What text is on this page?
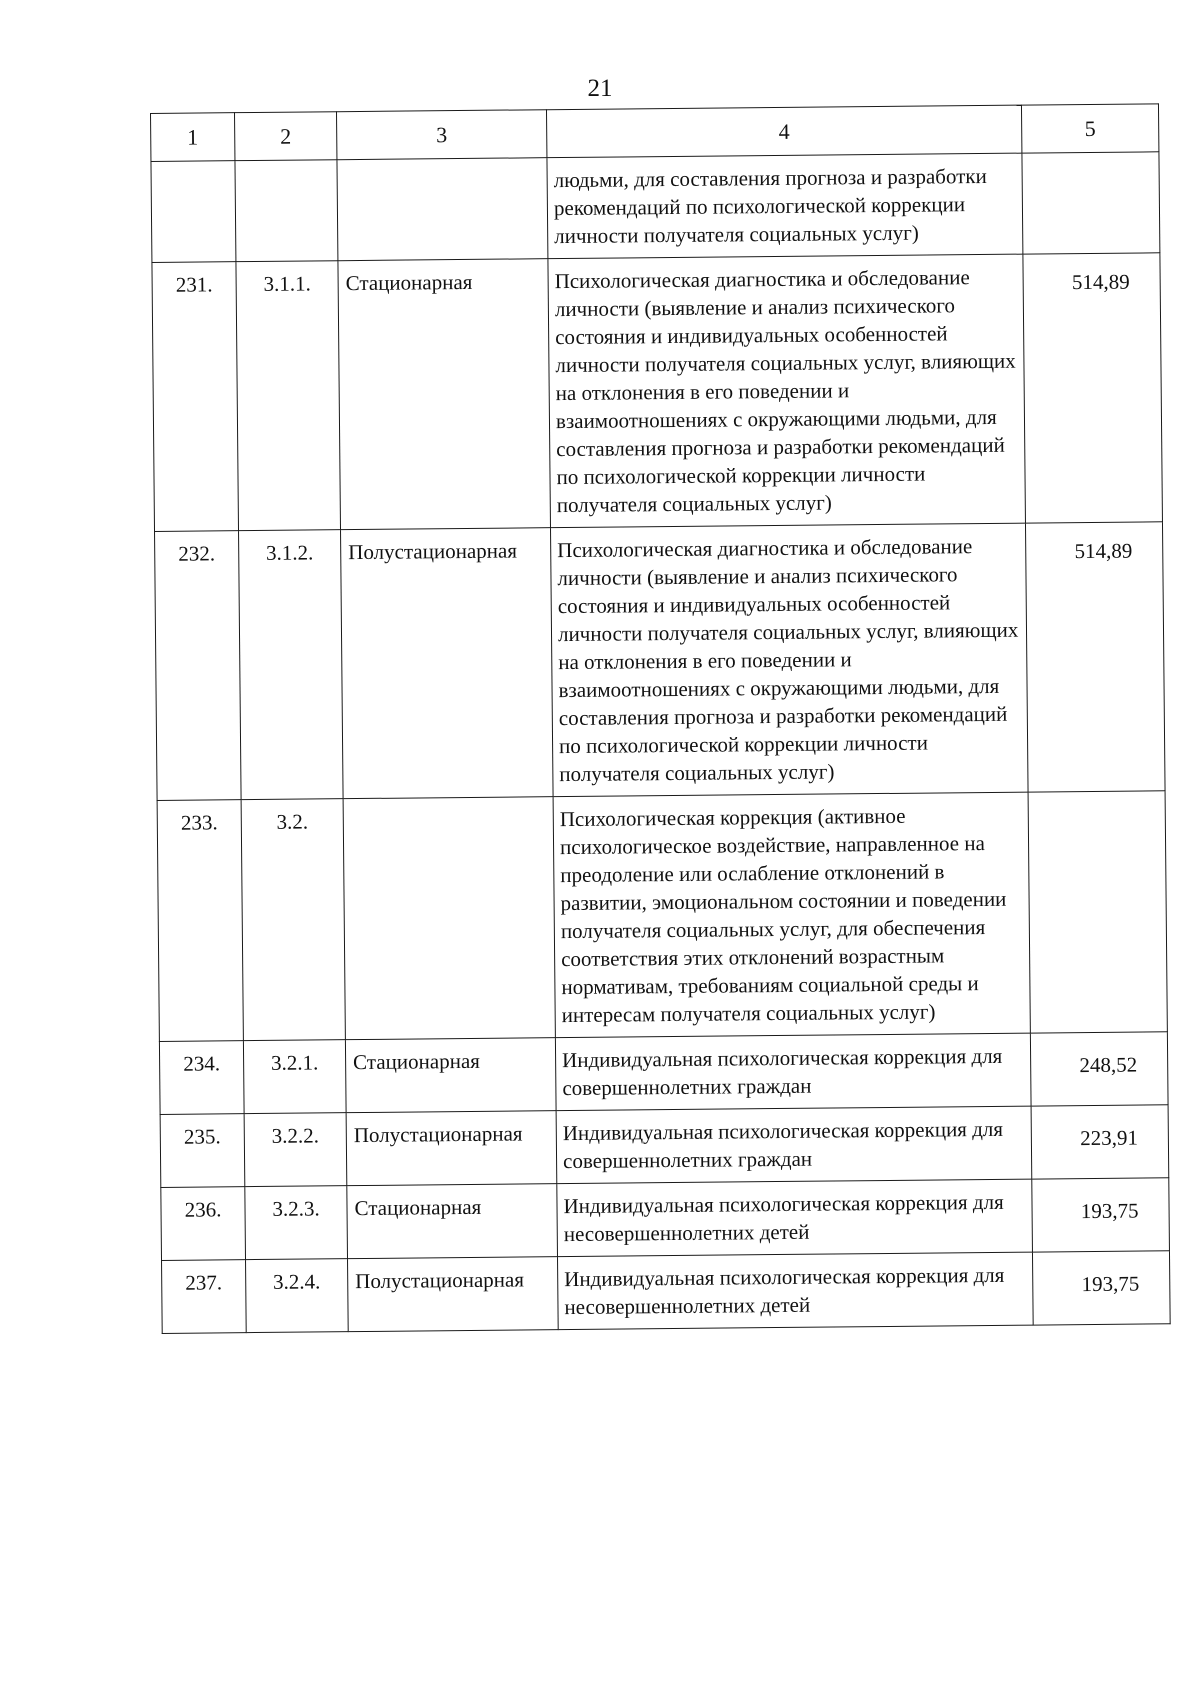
21
1	2	3	4	5
			людьми, для составления прогноза и разработки рекомендаций по психологической коррекции личности получателя социальных услуг)	
231.	3.1.1.	Стационарная	Психологическая диагностика и обследование личности (выявление и анализ психического состояния и индивидуальных особенностей личности получателя социальных услуг, влияющих на отклонения в его поведении и взаимоотношениях с окружающими людьми, для составления прогноза и разработки рекомендаций по психологической коррекции личности получателя социальных услуг)	514,89
232.	3.1.2.	Полустационарная	Психологическая диагностика и обследование личности (выявление и анализ психического состояния и индивидуальных особенностей личности получателя социальных услуг, влияющих на отклонения в его поведении и взаимоотношениях с окружающими людьми, для составления прогноза и разработки рекомендаций по психологической коррекции личности получателя социальных услуг)	514,89
233.	3.2.		Психологическая коррекция (активное психологическое воздействие, направленное на преодоление или ослабление отклонений в развитии, эмоциональном состоянии и поведении получателя социальных услуг, для обеспечения соответствия этих отклонений возрастным нормативам, требованиям социальной среды и интересам получателя социальных услуг)	
234.	3.2.1.	Стационарная	Индивидуальная психологическая коррекция для совершеннолетних граждан	248,52
235.	3.2.2.	Полустационарная	Индивидуальная психологическая коррекция для совершеннолетних граждан	223,91
236.	3.2.3.	Стационарная	Индивидуальная психологическая коррекция для несовершеннолетних детей	193,75
237.	3.2.4.	Полустационарная	Индивидуальная психологическая коррекция для несовершеннолетних детей	193,75
